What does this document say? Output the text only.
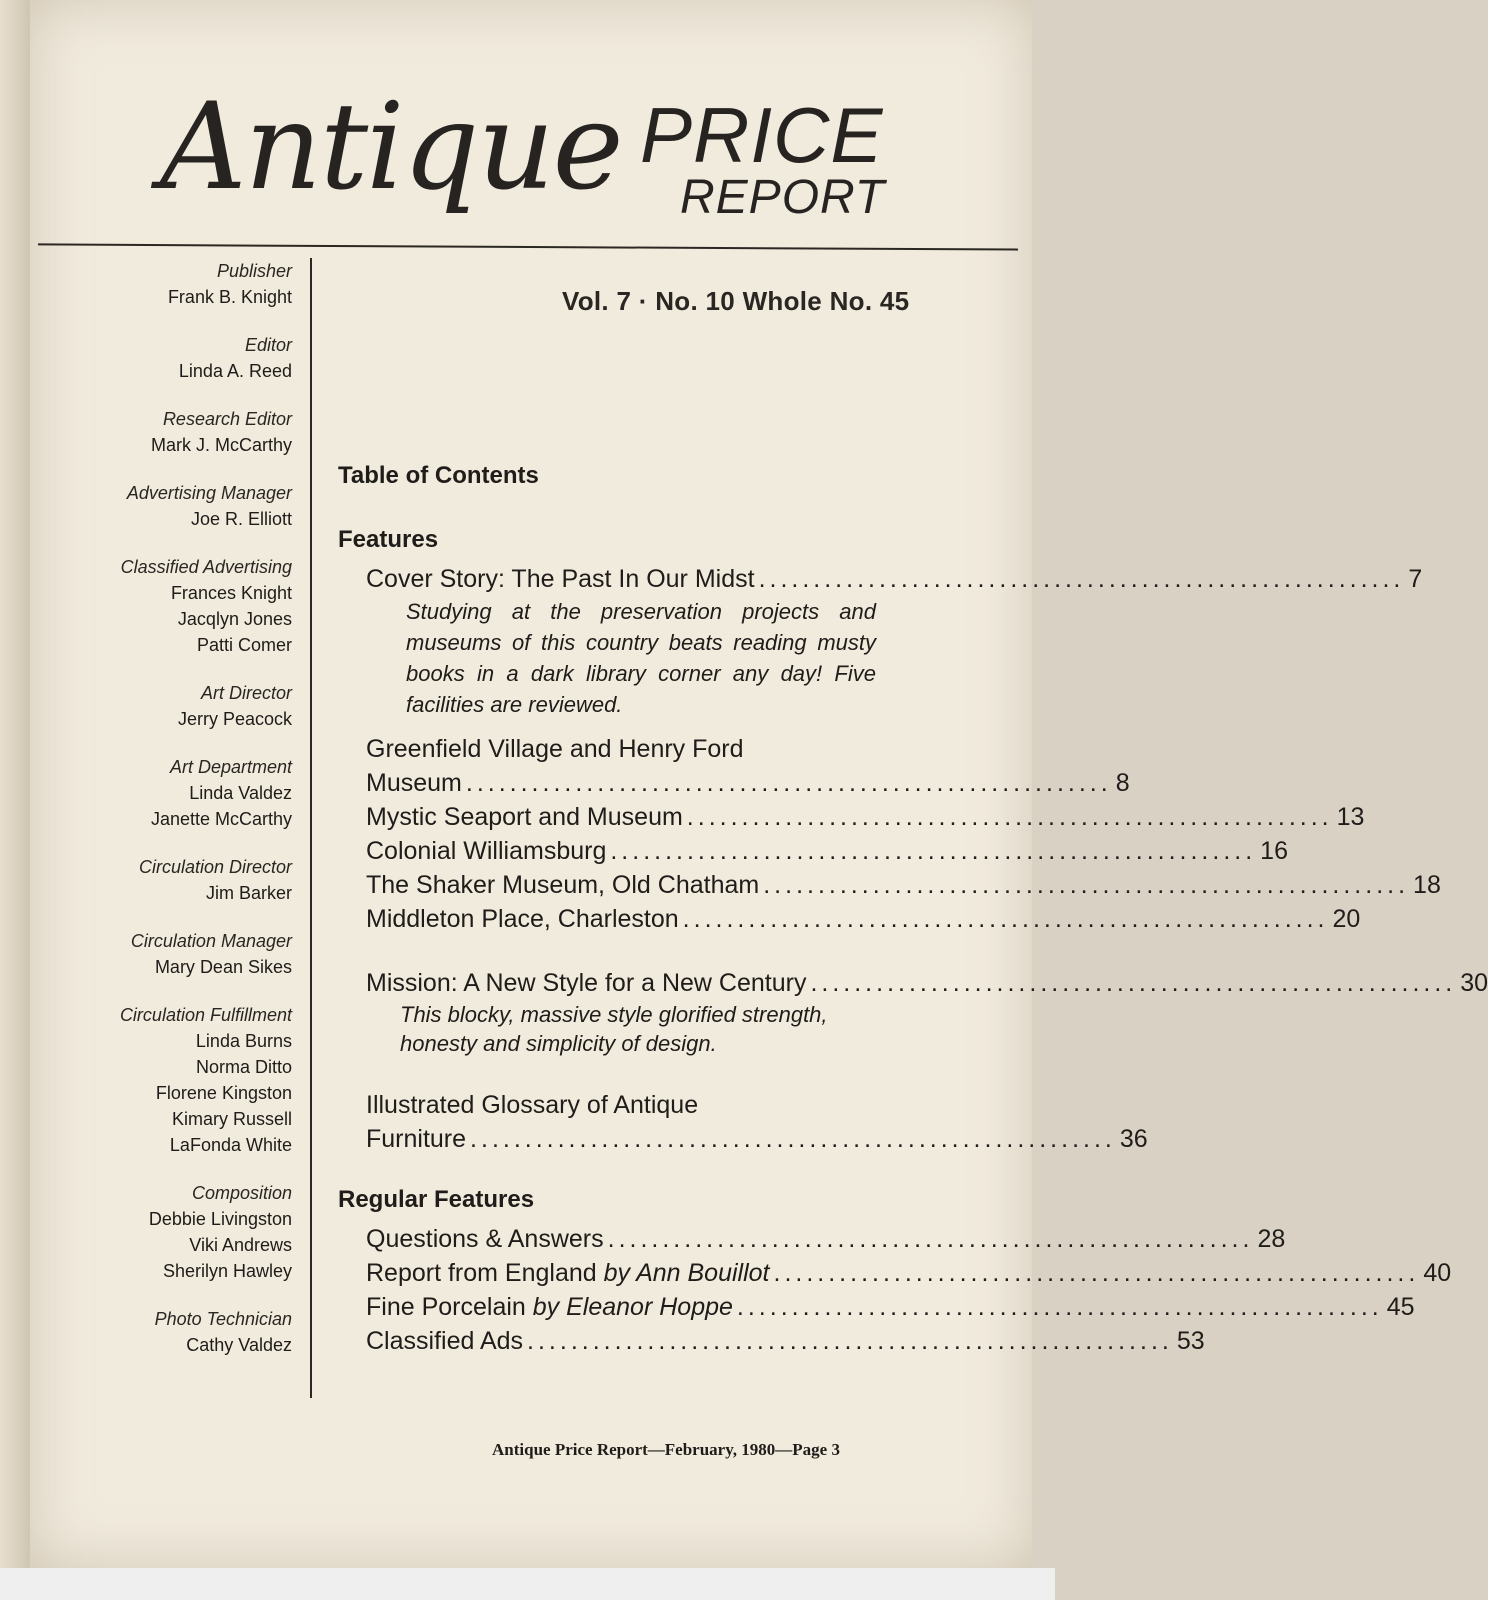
Antique PRICE
REPORT
Publisher
Frank B. Knight
Editor
Linda A. Reed
Research Editor
Mark J. McCarthy
Advertising Manager
Joe R. Elliott
Classified Advertising
Frances Knight
Jacqlyn Jones
Patti Comer
Art Director
Jerry Peacock
Art Department
Linda Valdez
Janette McCarthy
Circulation Director
Jim Barker
Circulation Manager
Mary Dean Sikes
Circulation Fulfillment
Linda Burns
Norma Ditto
Florene Kingston
Kimary Russell
LaFonda White
Composition
Debbie Livingston
Viki Andrews
Sherilyn Hawley
Photo Technician
Cathy Valdez
Vol. 7 · No. 10 Whole No. 45
Table of Contents
Features
Cover Story: The Past In Our Midst ........................................................... 7
Studying at the preservation projects and museums of this country beats reading musty books in a dark library corner any day! Five facilities are reviewed.
Greenfield Village and Henry Ford
Museum ........................................................... 8
Mystic Seaport and Museum ........................................................... 13
Colonial Williamsburg ........................................................... 16
The Shaker Museum, Old Chatham ........................................................... 18
Middleton Place, Charleston ........................................................... 20
Mission: A New Style for a New Century ........................................................... 30
This blocky, massive style glorified strength, honesty and simplicity of design.
Illustrated Glossary of Antique
Furniture ........................................................... 36
Regular Features
Questions & Answers ........................................................... 28
Report from England
by Ann Bouillot ........................................................... 40
Fine Porcelain
by Eleanor Hoppe ........................................................... 45
Classified Ads ........................................................... 53
Antique Price Report—February, 1980—Page 3
